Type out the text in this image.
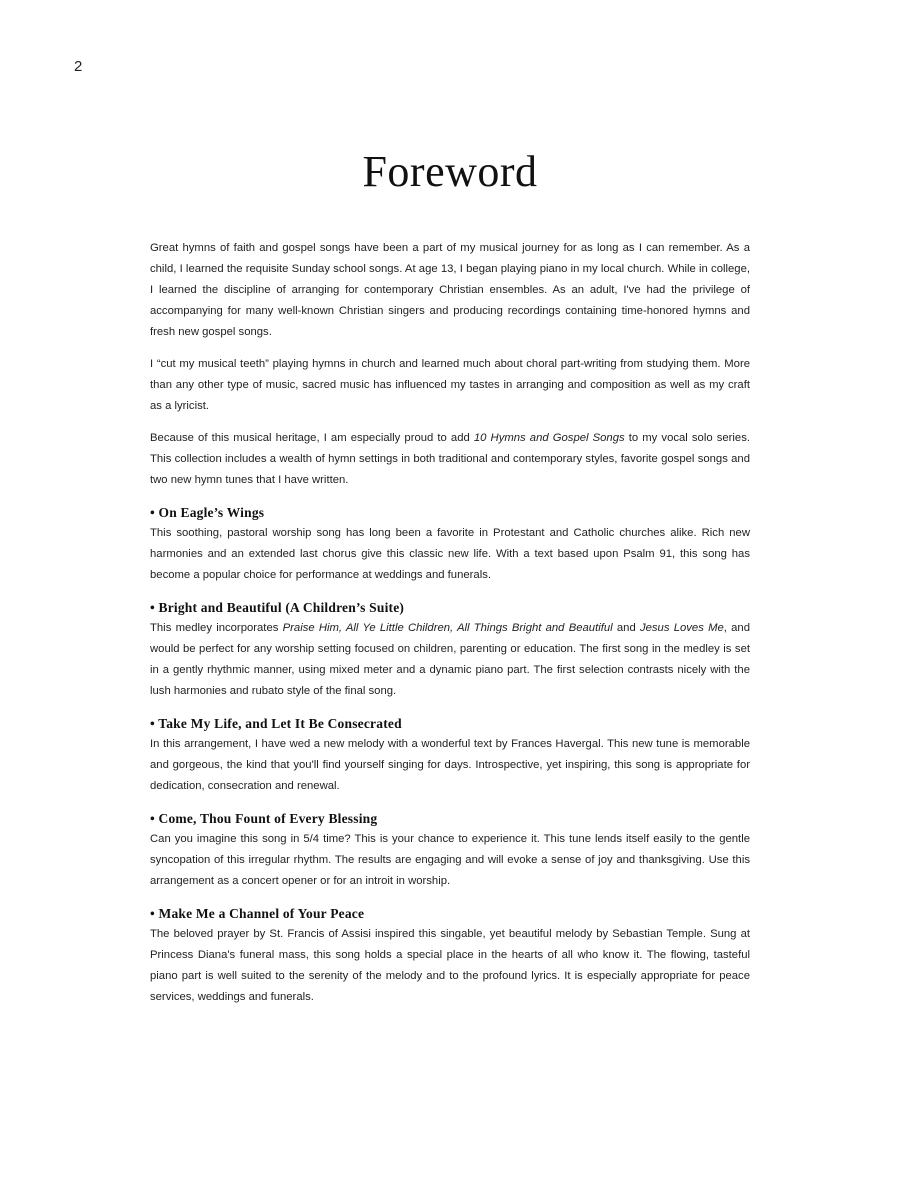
2
Foreword

Great hymns of faith and gospel songs have been a part of my musical journey for as long as I can remember. As a child, I learned the requisite Sunday school songs. At age 13, I began playing piano in my local church. While in college, I learned the discipline of arranging for contemporary Christian ensembles. As an adult, I've had the privilege of accompanying for many well-known Christian singers and producing recordings containing time-honored hymns and fresh new gospel songs.

I “cut my musical teeth” playing hymns in church and learned much about choral part-writing from studying them. More than any other type of music, sacred music has influenced my tastes in arranging and composition as well as my craft as a lyricist.

Because of this musical heritage, I am especially proud to add 10 Hymns and Gospel Songs to my vocal solo series. This collection includes a wealth of hymn settings in both traditional and contemporary styles, favorite gospel songs and two new hymn tunes that I have written.

• On Eagle’s Wings

This soothing, pastoral worship song has long been a favorite in Protestant and Catholic churches alike. Rich new harmonies and an extended last chorus give this classic new life. With a text based upon Psalm 91, this song has become a popular choice for performance at weddings and funerals.

• Bright and Beautiful (A Children’s Suite)

This medley incorporates Praise Him, All Ye Little Children, All Things Bright and Beautiful and Jesus Loves Me, and would be perfect for any worship setting focused on children, parenting or education. The first song in the medley is set in a gently rhythmic manner, using mixed meter and a dynamic piano part. The first selection contrasts nicely with the lush harmonies and rubato style of the final song.

• Take My Life, and Let It Be Consecrated

In this arrangement, I have wed a new melody with a wonderful text by Frances Havergal. This new tune is memorable and gorgeous, the kind that you'll find yourself singing for days. Introspective, yet inspiring, this song is appropriate for dedication, consecration and renewal.

• Come, Thou Fount of Every Blessing

Can you imagine this song in 5/4 time? This is your chance to experience it. This tune lends itself easily to the gentle syncopation of this irregular rhythm. The results are engaging and will evoke a sense of joy and thanksgiving. Use this arrangement as a concert opener or for an introit in worship.

• Make Me a Channel of Your Peace

The beloved prayer by St. Francis of Assisi inspired this singable, yet beautiful melody by Sebastian Temple. Sung at Princess Diana's funeral mass, this song holds a special place in the hearts of all who know it. The flowing, tasteful piano part is well suited to the serenity of the melody and to the profound lyrics. It is especially appropriate for peace services, weddings and funerals.
